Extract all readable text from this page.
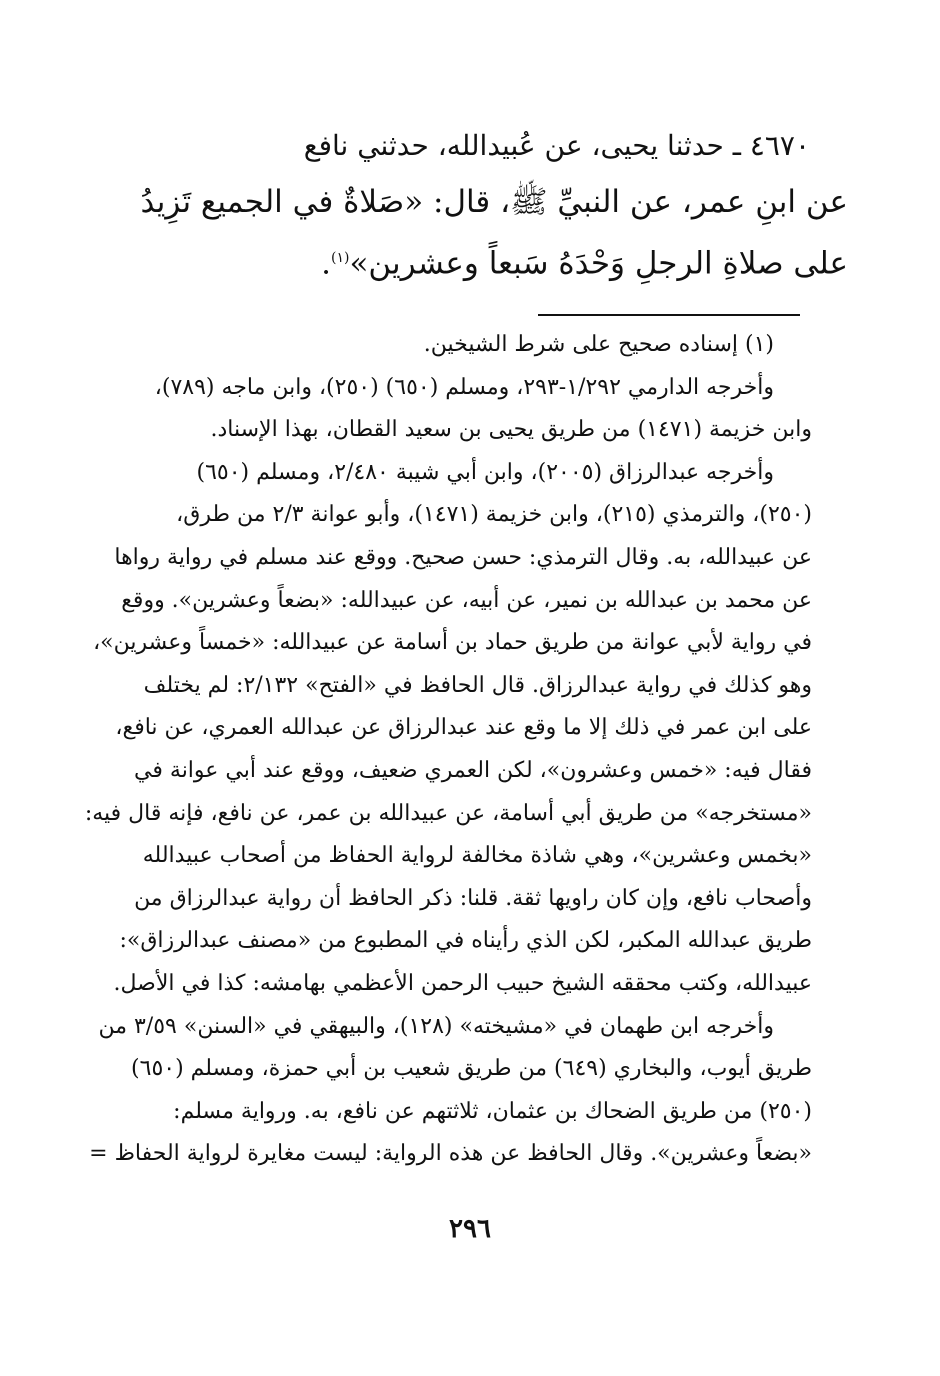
٤٦٧٠ ـ حدثنا يحيى، عن عُبيدالله، حدثني نافع
عن ابنِ عمر، عن النبيِّ ﷺ، قال: «صَلاةٌ في الجميع تَزِيدُ
على صلاةِ الرجلِ وَحْدَهُ سَبعاً وعشرين»$^{(١)}$.
(١) إسناده صحيح على شرط الشيخين.
وأخرجه الدارمي ١/٢٩٢-٢٩٣، ومسلم (٦٥٠) (٢٥٠)، وابن ماجه (٧٨٩)،
وابن خزيمة (١٤٧١) من طريق يحيى بن سعيد القطان، بهذا الإسناد.
وأخرجه عبدالرزاق (٢٠٠٥)، وابن أبي شيبة ٢/٤٨٠، ومسلم (٦٥٠)
(٢٥٠)، والترمذي (٢١٥)، وابن خزيمة (١٤٧١)، وأبو عوانة ٢/٣ من طرق،
عن عبيدالله، به. وقال الترمذي: حسن صحيح. ووقع عند مسلم في رواية رواها
عن محمد بن عبدالله بن نمير، عن أبيه، عن عبيدالله: «بضعاً وعشرين». ووقع
في رواية لأبي عوانة من طريق حماد بن أسامة عن عبيدالله: «خمساً وعشرين»،
وهو كذلك في رواية عبدالرزاق. قال الحافظ في «الفتح» ٢/١٣٢: لم يختلف
على ابن عمر في ذلك إلا ما وقع عند عبدالرزاق عن عبدالله العمري، عن نافع،
فقال فيه: «خمس وعشرون»، لكن العمري ضعيف، ووقع عند أبي عوانة في
«مستخرجه» من طريق أبي أسامة، عن عبيدالله بن عمر، عن نافع، فإنه قال فيه:
«بخمس وعشرين»، وهي شاذة مخالفة لرواية الحفاظ من أصحاب عبيدالله
وأصحاب نافع، وإن كان راويها ثقة. قلنا: ذكر الحافظ أن رواية عبدالرزاق من
طريق عبدالله المكبر، لكن الذي رأيناه في المطبوع من «مصنف عبدالرزاق»:
عبيدالله، وكتب محققه الشيخ حبيب الرحمن الأعظمي بهامشه: كذا في الأصل.
وأخرجه ابن طهمان في «مشيخته» (١٢٨)، والبيهقي في «السنن» ٣/٥٩ من
طريق أيوب، والبخاري (٦٤٩) من طريق شعيب بن أبي حمزة، ومسلم (٦٥٠)
(٢٥٠) من طريق الضحاك بن عثمان، ثلاثتهم عن نافع، به. ورواية مسلم:
«بضعاً وعشرين». وقال الحافظ عن هذه الرواية: ليست مغايرة لرواية الحفاظ =
٢٩٦
